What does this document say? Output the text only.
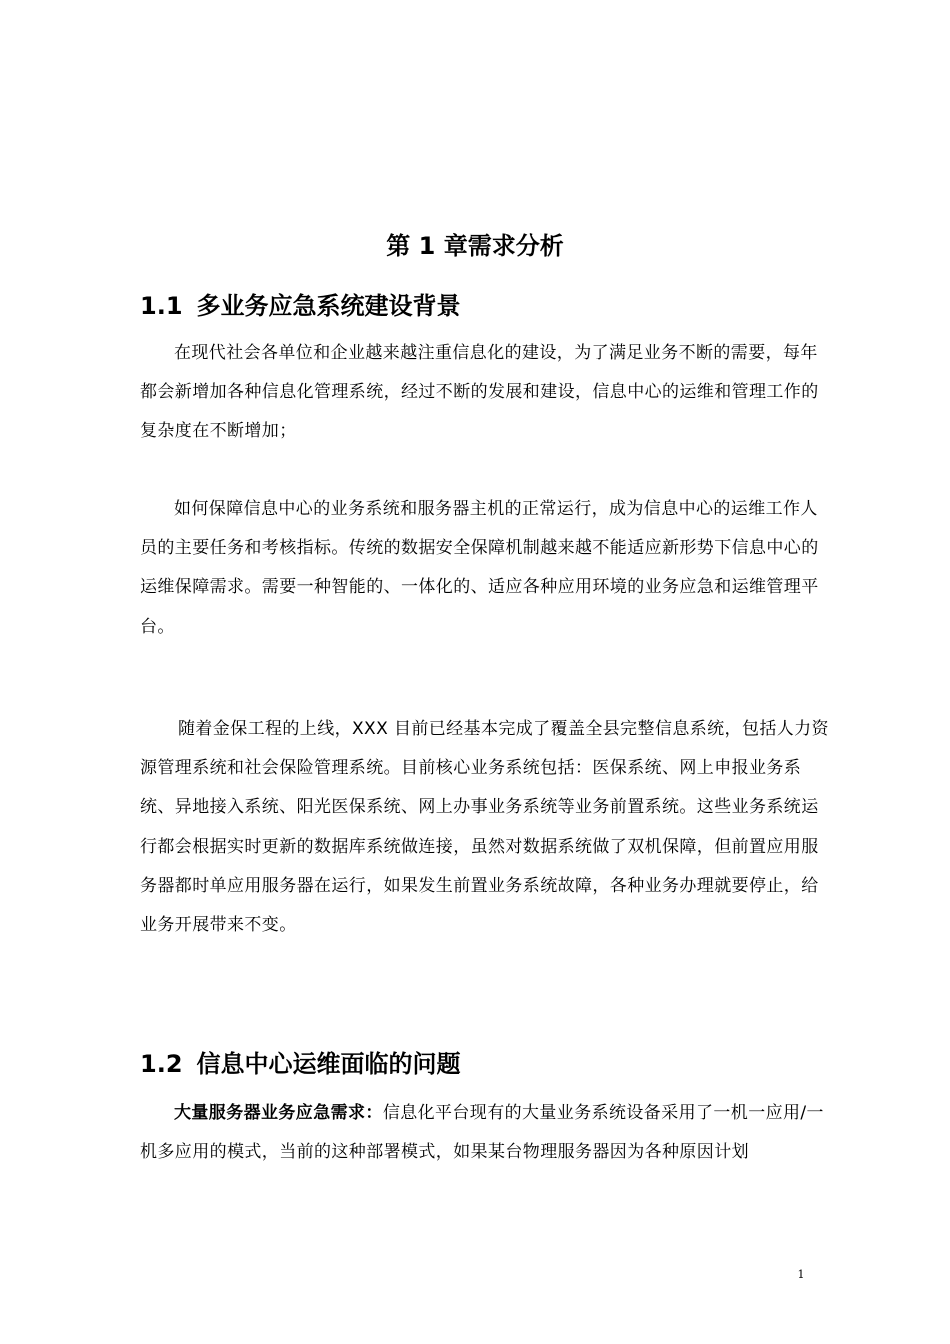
第 1 章需求分析
1.1 多业务应急系统建设背景
在现代社会各单位和企业越来越注重信息化的建设，为了满足业务不断的需要，每年都会新增加各种信息化管理系统，经过不断的发展和建设，信息中心的运维和管理工作的复杂度在不断增加；
如何保障信息中心的业务系统和服务器主机的正常运行，成为信息中心的运维工作人员的主要任务和考核指标。传统的数据安全保障机制越来越不能适应新形势下信息中心的运维保障需求。需要一种智能的、一体化的、适应各种应用环境的业务应急和运维管理平台。
随着金保工程的上线，XXX 目前已经基本完成了覆盖全县完整信息系统，包括人力资源管理系统和社会保险管理系统。目前核心业务系统包括：医保系统、网上申报业务系统、异地接入系统、阳光医保系统、网上办事业务系统等业务前置系统。这些业务系统运行都会根据实时更新的数据库系统做连接，虽然对数据系统做了双机保障，但前置应用服务器都时单应用服务器在运行，如果发生前置业务系统故障，各种业务办理就要停止，给业务开展带来不变。
1.2 信息中心运维面临的问题
大量服务器业务应急需求：信息化平台现有的大量业务系统设备采用了一机一应用/一机多应用的模式，当前的这种部署模式，如果某台物理服务器因为各种原因计划
1
